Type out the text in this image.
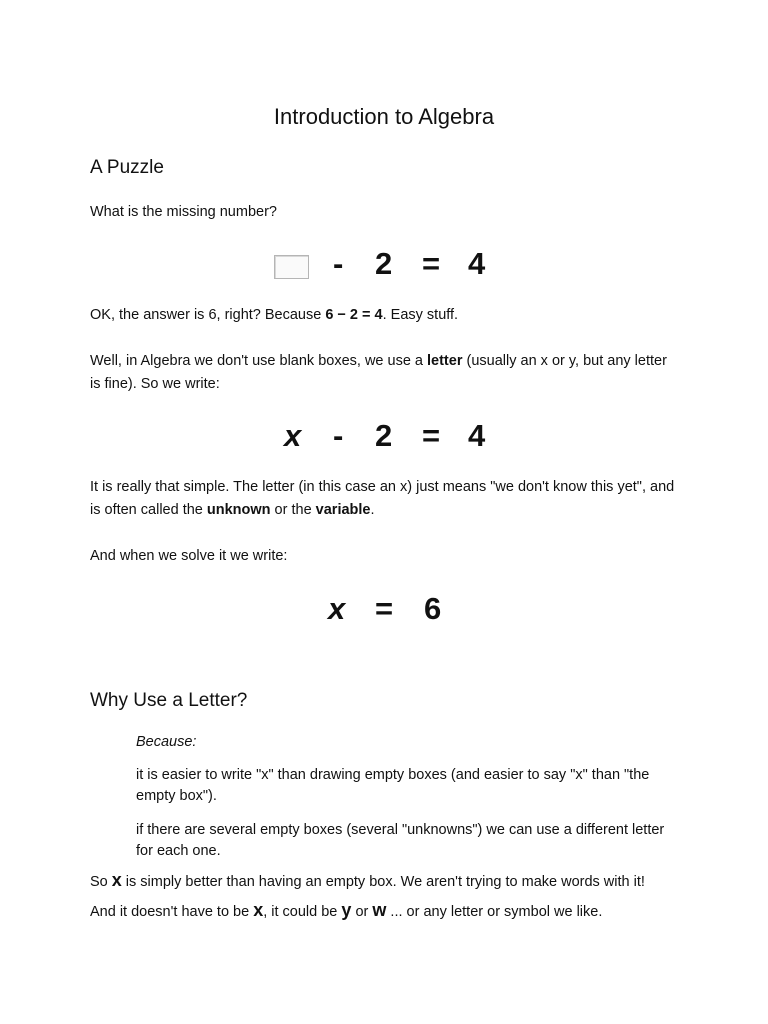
Introduction to Algebra
A Puzzle
What is the missing number?
- 2 = 4
OK, the answer is 6, right? Because 6 − 2 = 4. Easy stuff.
Well, in Algebra we don't use blank boxes, we use a letter (usually an x or y, but any letter is fine). So we write:
x - 2 = 4
It is really that simple. The letter (in this case an x) just means "we don't know this yet", and is often called the unknown or the variable.
And when we solve it we write:
x = 6
Why Use a Letter?
Because:
it is easier to write "x" than drawing empty boxes (and easier to say "x" than "the empty box").
if there are several empty boxes (several "unknowns") we can use a different letter for each one.
So x is simply better than having an empty box. We aren't trying to make words with it!
And it doesn't have to be x, it could be y or w ... or any letter or symbol we like.
